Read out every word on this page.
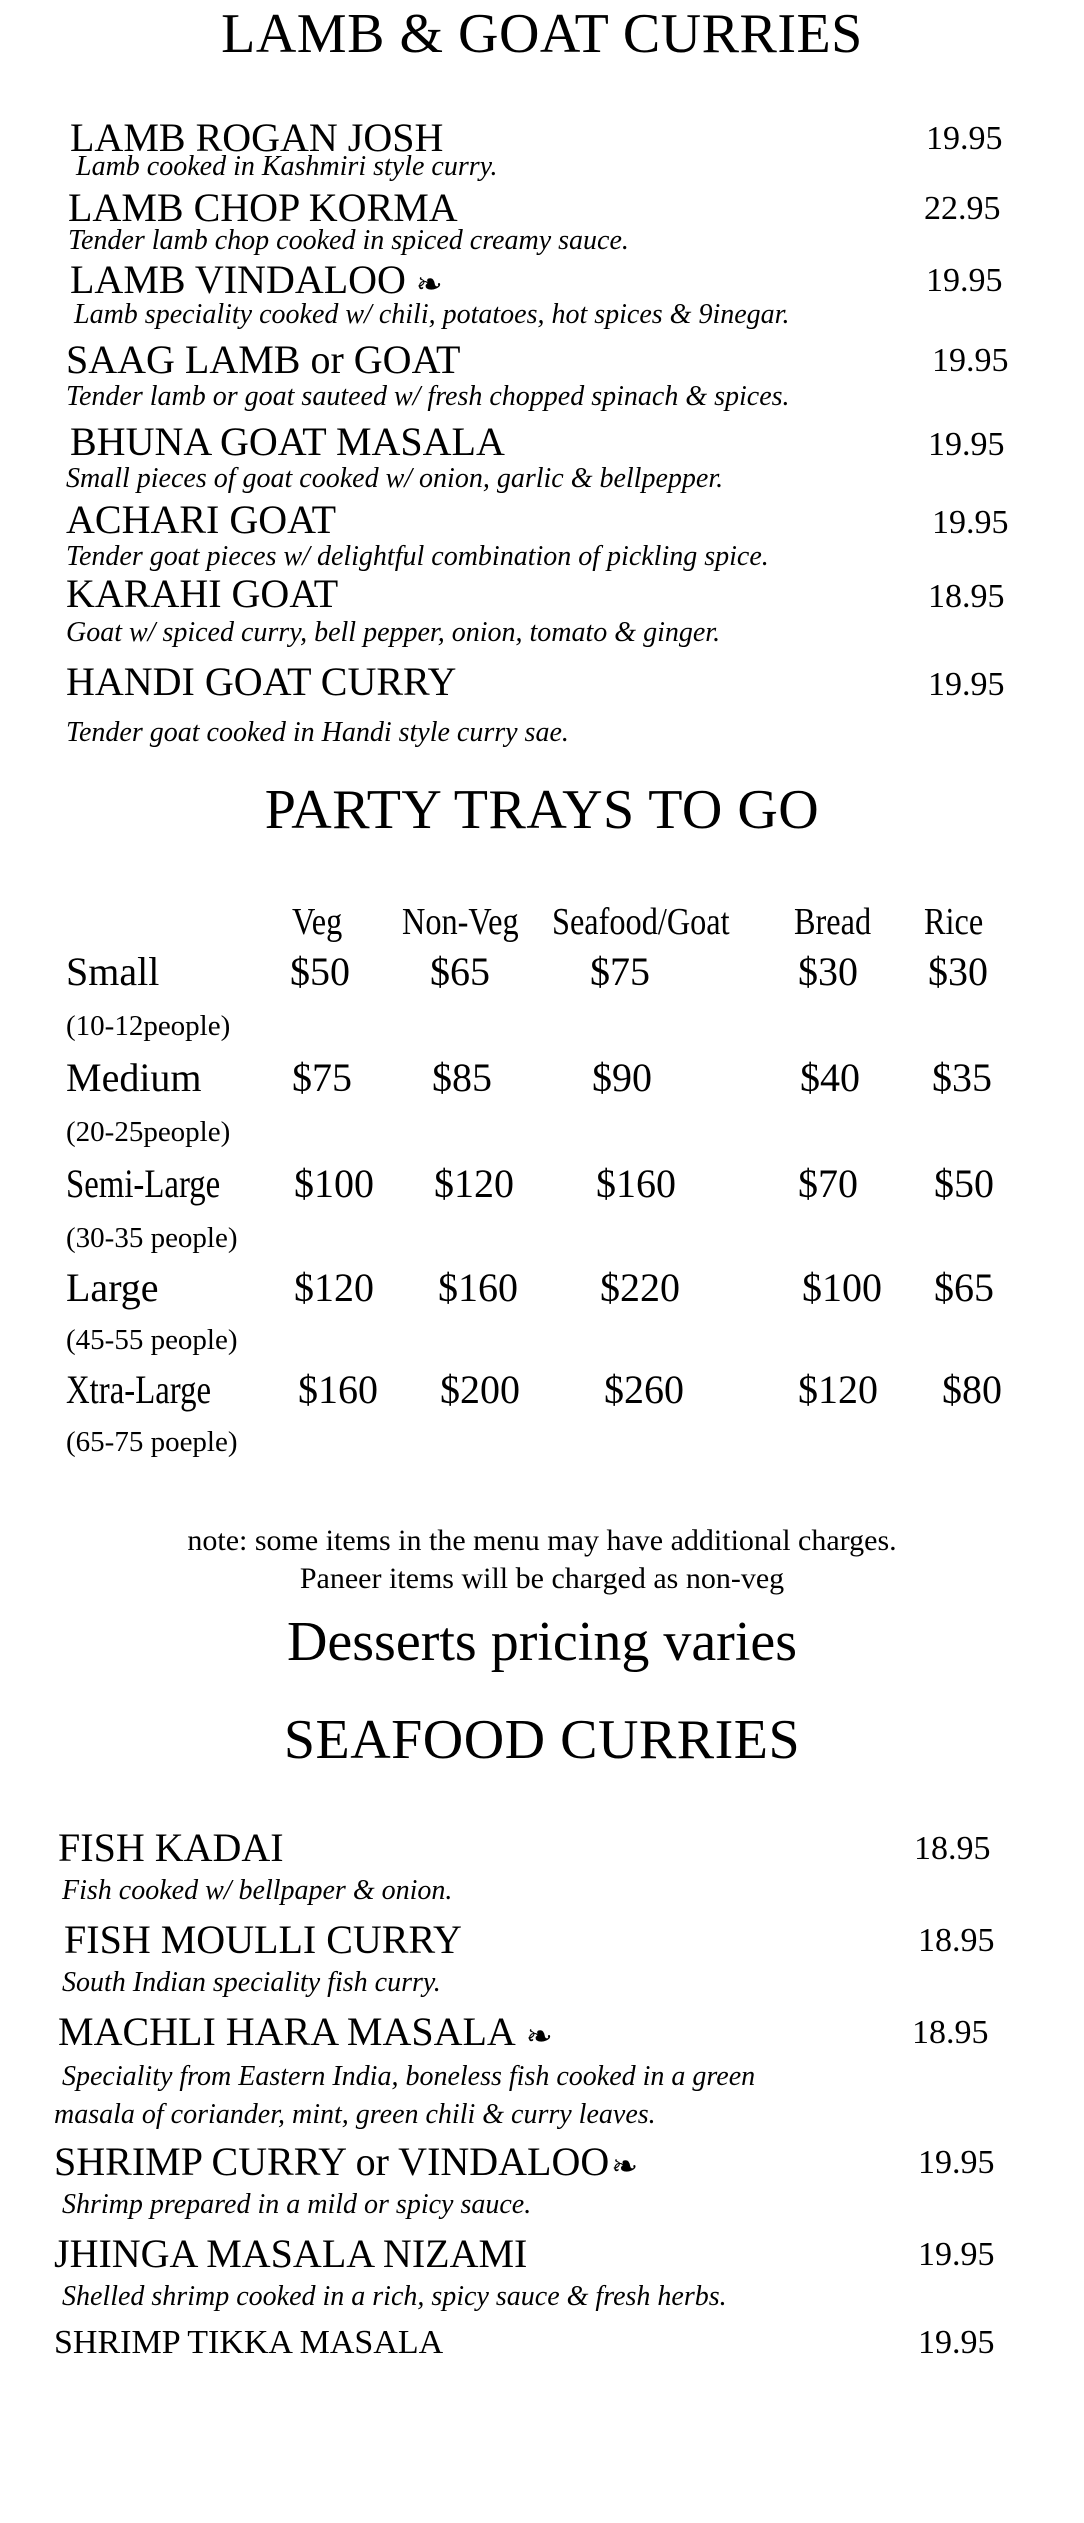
LAMB & GOAT CURRIES
LAMB ROGAN JOSH	19.95
Lamb cooked in Kashmiri style curry.
LAMB CHOP KORMA	22.95
Tender lamb chop cooked in spiced creamy sauce.
LAMB VINDALOO ❧	19.95
Lamb speciality cooked w/ chili, potatoes, hot spices & 9inegar.
SAAG LAMB or GOAT	19.95
Tender lamb or goat sauteed w/ fresh chopped spinach & spices.
BHUNA GOAT MASALA	19.95
Small pieces of goat cooked w/ onion, garlic & bellpepper.
ACHARI GOAT	19.95
Tender goat pieces w/ delightful combination of pickling spice.
KARAHI GOAT	18.95
Goat w/ spiced curry, bell pepper, onion, tomato & ginger.
HANDI GOAT CURRY	19.95
Tender goat cooked in Handi style curry sae.
PARTY TRAYS TO GO
Veg Non-Veg Seafood/Goat Bread Rice
Small	$50 $65	$75	$30 $30
(10-12people)
Medium $75 $85	$90	$40 $35
(20-25people)
Semi-Large $100 $120 $160	$70 $50
(30-35 people)
Large	$120 $160 $220	$100 $65
(45-55 people)
Xtra-Large $160 $200 $260	$120 $80
(65-75 poeple)
note: some items in the menu may have additional charges.
Paneer items will be charged as non-veg
Desserts pricing varies
SEAFOOD CURRIES
FISH KADAI	18.95
Fish cooked w/ bellpaper & onion.
FISH MOULLI CURRY	18.95
South Indian speciality fish curry.
MACHLI HARA MASALA ❧	18.95
Speciality from Eastern India, boneless fish cooked in a green
masala of coriander, mint, green chili & curry leaves.
SHRIMP CURRY or VINDALOO❧	19.95
Shrimp prepared in a mild or spicy sauce.
JHINGA MASALA NIZAMI	19.95
Shelled shrimp cooked in a rich, spicy sauce & fresh herbs.
SHRIMP TIKKA MASALA	19.95
